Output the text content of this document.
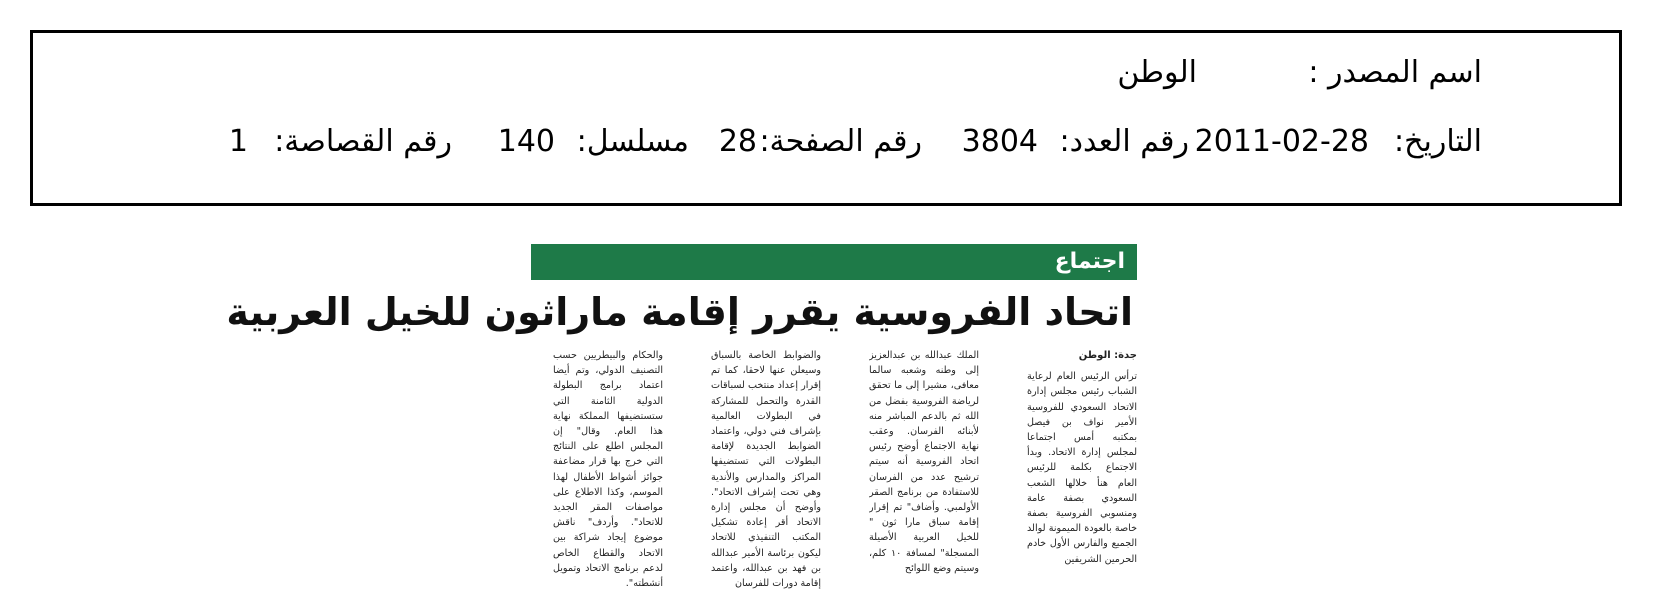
اسم المصدر :
الوطن
التاريخ:
2011-02-28
رقم العدد:
3804
رقم الصفحة:
28
مسلسل:
140
رقم القصاصة:
1
اجتماع
اتحاد الفروسية يقرر إقامة ماراثون للخيل العربية
جدة: الوطن

ترأس الرئيس العام لرعاية الشباب رئيس مجلس إدارة الاتحاد السعودي للفروسية الأمير نواف بن فيصل بمكتبه أمس اجتماعا لمجلس إدارة الاتحاد. وبدأ الاجتماع بكلمة للرئيس العام هنأ خلالها الشعب السعودي بصفة عامة ومنسوبي الفروسية بصفة خاصة بالعودة الميمونة لوالد الجميع والفارس الأول خادم الحرمين الشريفين

الملك عبدالله بن عبدالعزيز إلى وطنه وشعبه سالما معافى، مشيرا إلى ما تحقق لرياضة الفروسية بفضل من الله ثم بالدعم المباشر منه لأبنائه الفرسان. وعقب نهاية الاجتماع أوضح رئيس اتحاد الفروسية أنه سيتم ترشيح عدد من الفرسان للاستفادة من برنامج الصقر الأولمبي. وأضاف" تم إقرار إقامة سباق مارا ثون " للخيل العربية الأصيلة المسجلة" لمسافة ١٠ كلم، وسيتم وضع اللوائح

والضوابط الخاصة بالسباق وسيعلن عنها لاحقا، كما تم إقرار إعداد منتخب لسباقات القدرة والتحمل للمشاركة في البطولات العالمية بإشراف فني دولي، واعتماد الضوابط الجديدة لإقامة البطولات التي تستضيفها المراكز والمدارس والأندية وهي تحت إشراف الاتحاد". وأوضح أن مجلس إدارة الاتحاد أقر إعادة تشكيل المكتب التنفيذي للاتحاد ليكون برئاسة الأمير عبدالله بن فهد بن عبدالله، واعتمد إقامة دورات للفرسان

والحكام والبيطريين حسب التصنيف الدولي، وتم أيضا اعتماد برامج البطولة الدولية الثامنة التي ستستضيفها المملكة نهاية هذا العام. وقال" إن المجلس اطلع على النتائج التي خرج بها قرار مضاعفة جوائز أشواط الأطفال لهذا الموسم، وكذا الاطلاع على مواصفات المقر الجديد للاتحاد". وأردف" ناقش موضوع إيجاد شراكة بين الاتحاد والقطاع الخاص لدعم برنامج الاتحاد وتمويل أنشطته".
